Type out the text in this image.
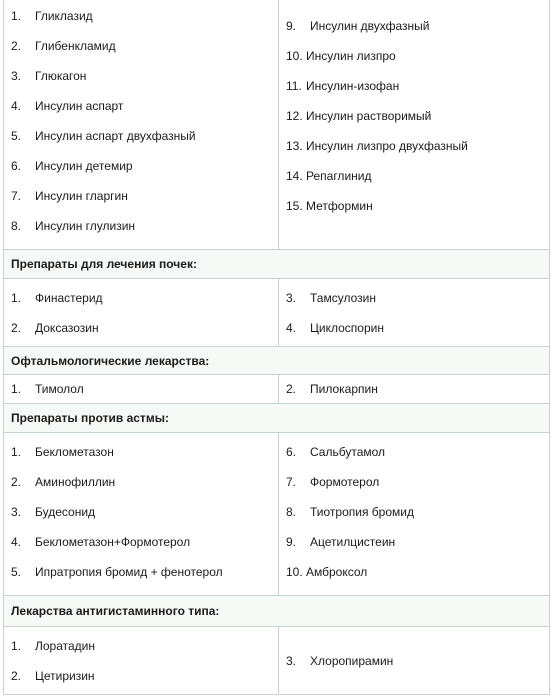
1. Гликлазид
2. Глибенкламид
3. Глюкагон
4. Инсулин аспарт
5. Инсулин аспарт двухфазный
6. Инсулин детемир
7. Инсулин гларгин
8. Инсулин глулизин
9. Инсулин двухфазный
10. Инсулин лизпро
11. Инсулин-изофан
12. Инсулин растворимый
13. Инсулин лизпро двухфазный
14. Репаглинид
15. Метформин
Препараты для лечения почек:
1. Финастерид
2. Доксазозин
3. Тамсулозин
4. Циклоспорин
Офтальмологические лекарства:
1. Тимолол	2. Пилокарпин
Препараты против астмы:
1. Беклометазон
2. Аминофиллин
3. Будесонид
4. Беклометазон+Формотерол
5. Ипратропия бромид + фенотерол
6. Сальбутамол
7. Формотерол
8. Тиотропия бромид
9. Ацетилцистеин
10. Амброксол
Лекарства антигистаминного типа:
1. Лоратадин
2. Цетиризин
3. Хлоропирамин
